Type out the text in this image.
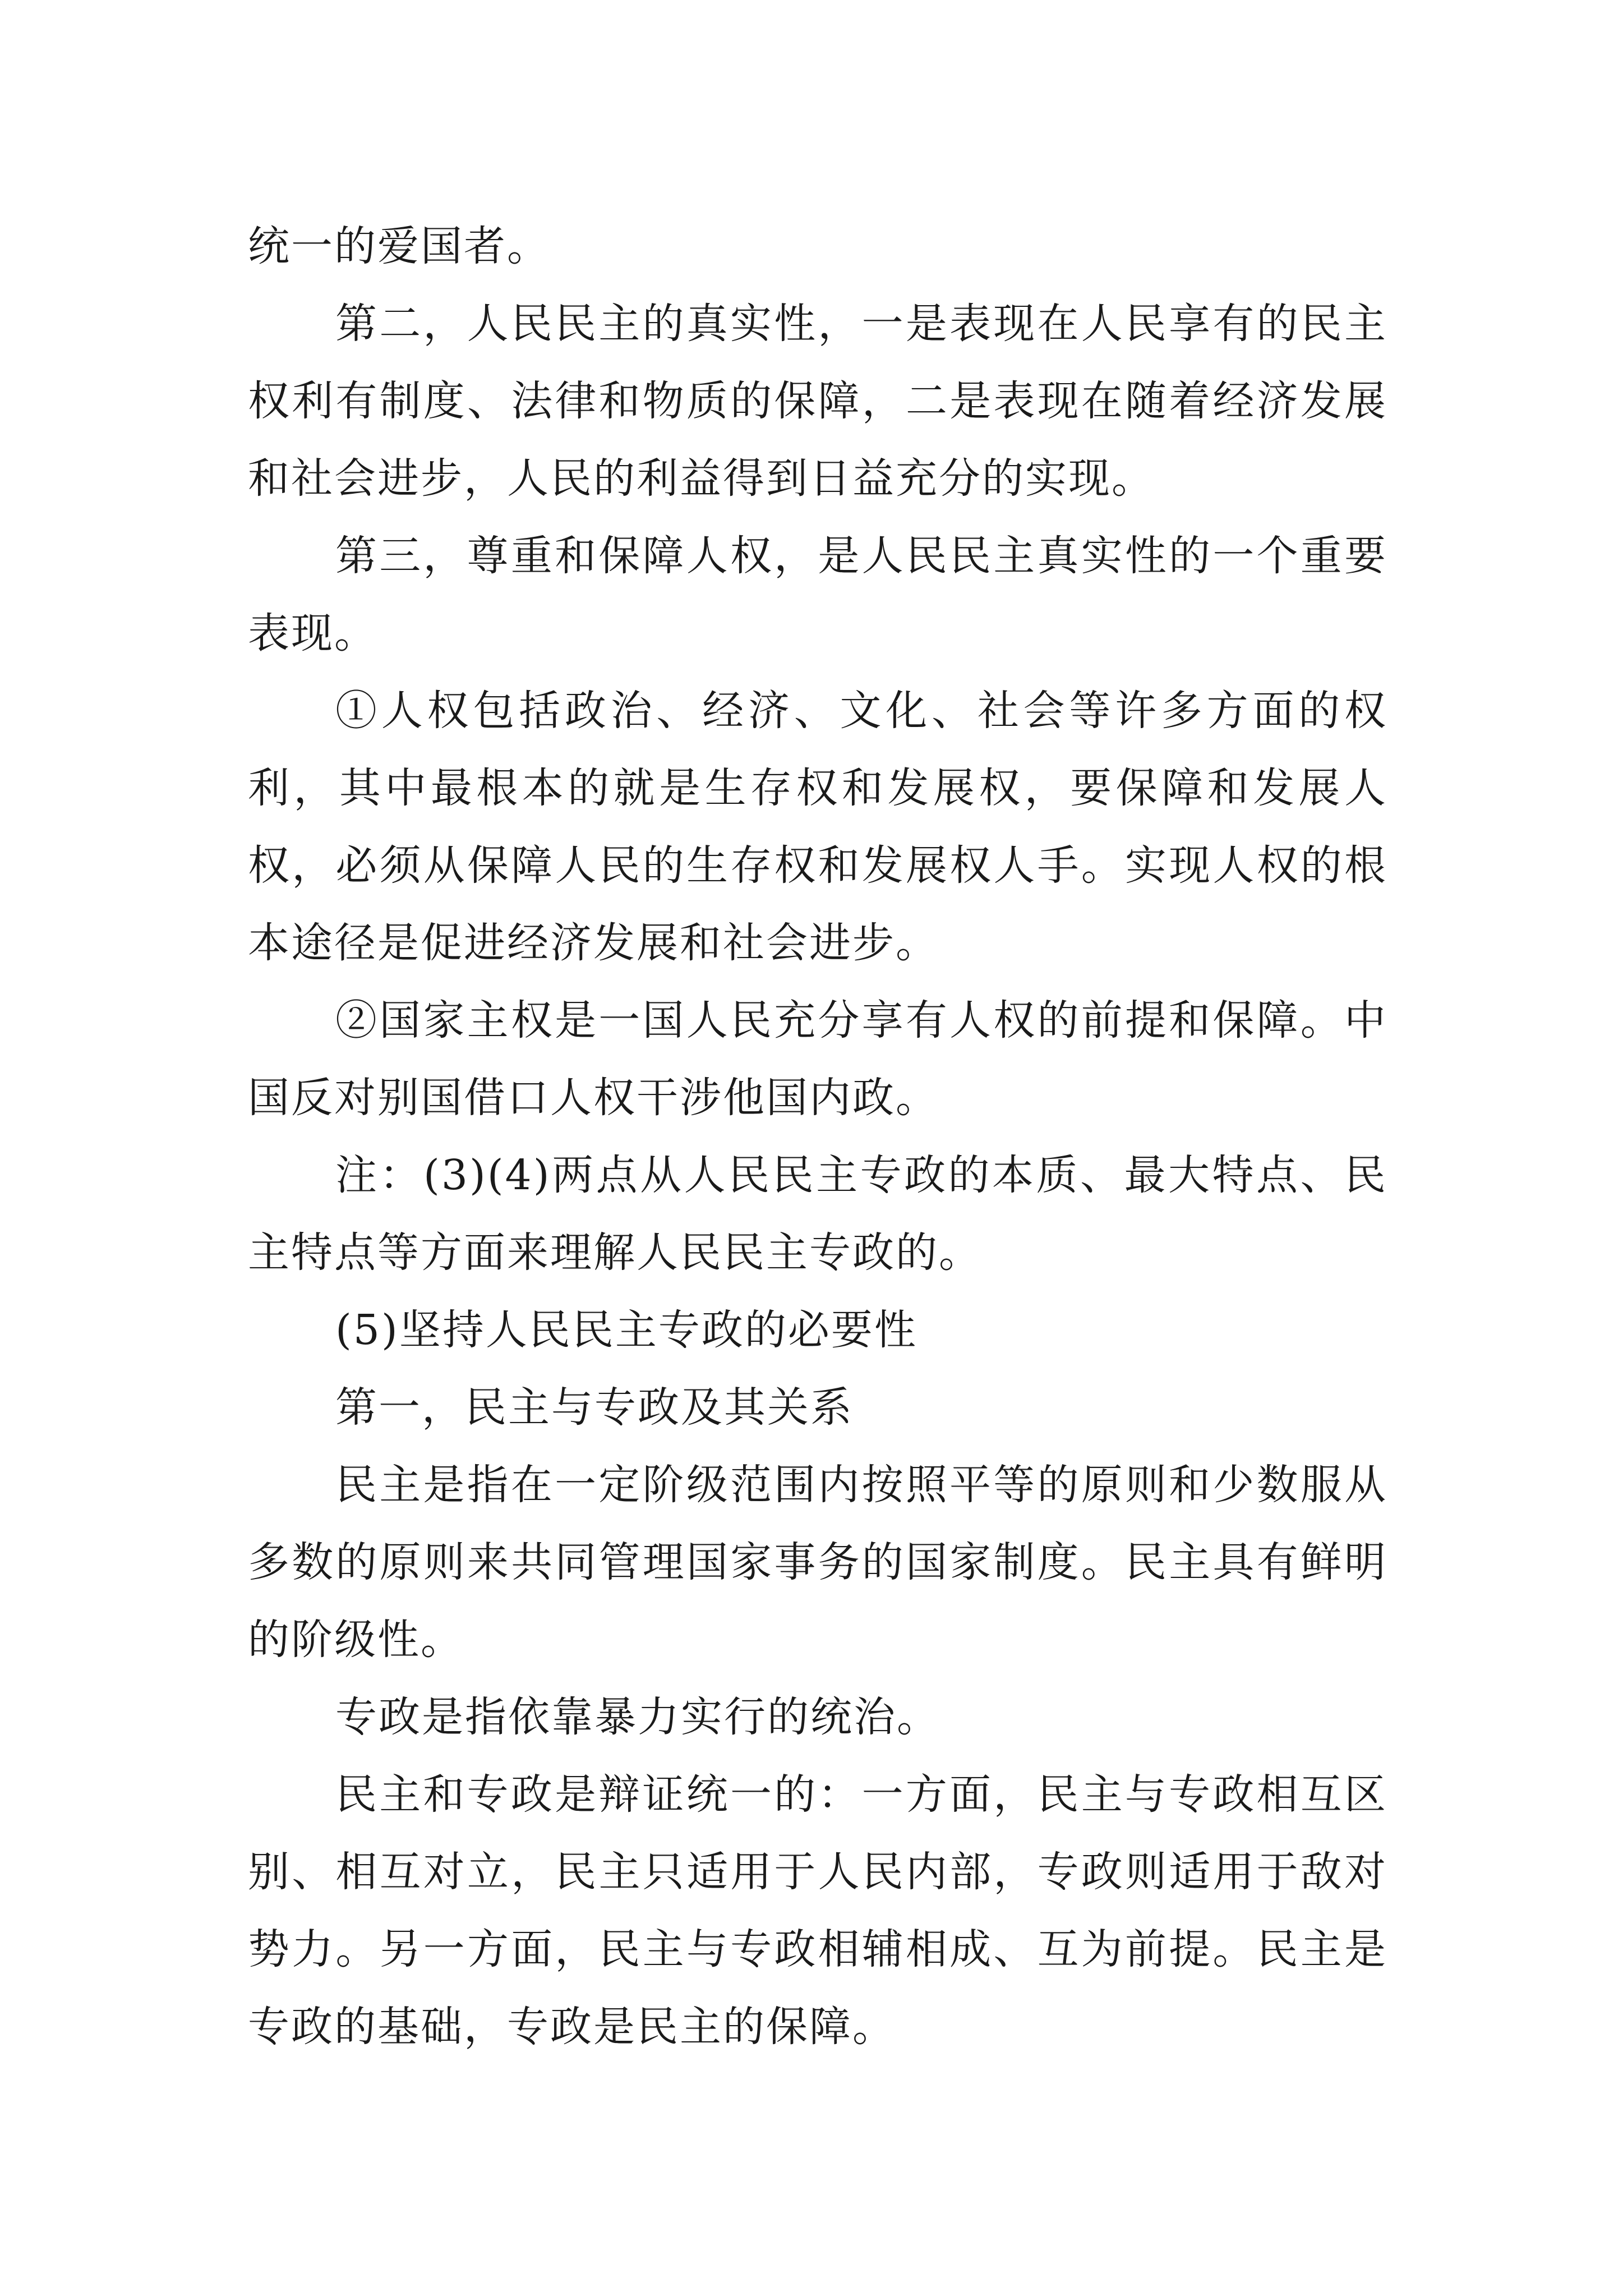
统一的爱国者。

第二，人民民主的真实性，一是表现在人民享有的民主权利有制度、法律和物质的保障，二是表现在随着经济发展和社会进步，人民的利益得到日益充分的实现。

第三，尊重和保障人权，是人民民主真实性的一个重要表现。

①人权包括政治、经济、文化、社会等许多方面的权利，其中最根本的就是生存权和发展权，要保障和发展人权，必须从保障人民的生存权和发展权人手。实现人权的根本途径是促进经济发展和社会进步。

②国家主权是一国人民充分享有人权的前提和保障。中国反对别国借口人权干涉他国内政。

注：(3)(4)两点从人民民主专政的本质、最大特点、民主特点等方面来理解人民民主专政的。

(5)坚持人民民主专政的必要性

第一，民主与专政及其关系

民主是指在一定阶级范围内按照平等的原则和少数服从多数的原则来共同管理国家事务的国家制度。民主具有鲜明的阶级性。

专政是指依靠暴力实行的统治。

民主和专政是辩证统一的：一方面，民主与专政相互区别、相互对立，民主只适用于人民内部，专政则适用于敌对势力。另一方面，民主与专政相辅相成、互为前提。民主是专政的基础，专政是民主的保障。
